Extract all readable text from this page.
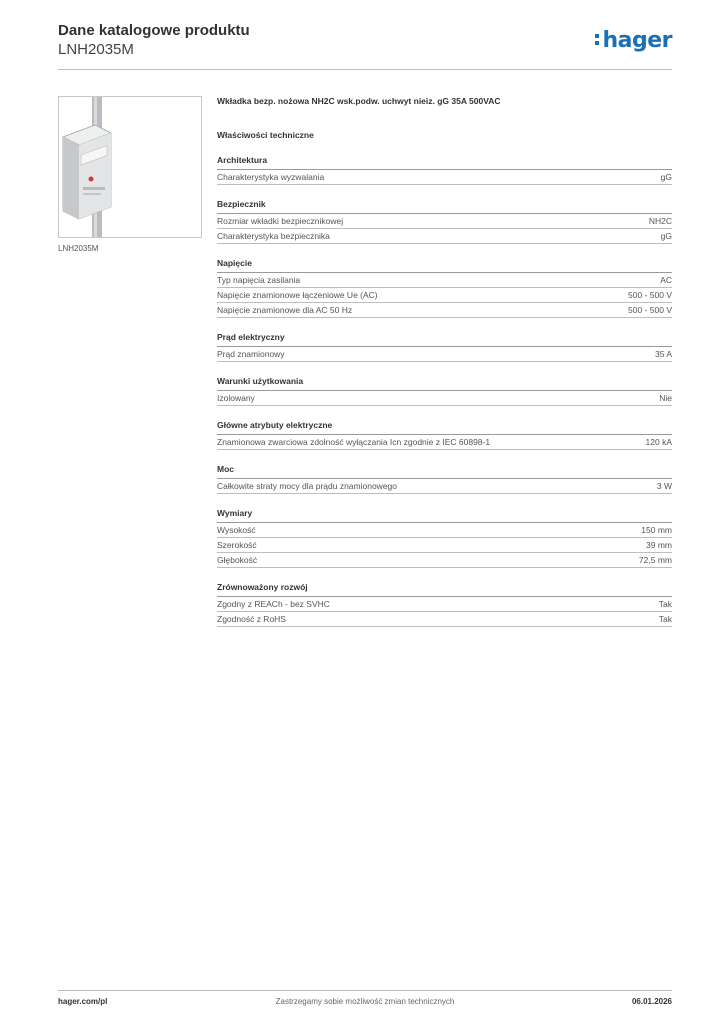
Dane katalogowe produktu
LNH2035M	hager
LNH2035M
Wkładka bezp. nożowa NH2C wsk.podw. uchwyt nieiz. gG 35A 500VAC
Właściwości techniczne
Architektura
Charakterystyka wyzwalania	gG
Bezpiecznik
Rozmiar wkładki bezpiecznikowej	NH2C
Charakterystyka bezpiecznika	gG
Napięcie
Typ napięcia zasilania	AC
Napięcie znamionowe łączeniowe Ue (AC)	500 - 500 V
Napięcie znamionowe dla AC 50 Hz	500 - 500 V
Prąd elektryczny
Prąd znamionowy	35 A
Warunki użytkowania
Izolowany	Nie
Główne atrybuty elektryczne
Znamionowa zwarciowa zdolność wyłączania Icn zgodnie z IEC 60898-1	120 kA
Moc
Całkowite straty mocy dla prądu znamionowego	3 W
Wymiary
Wysokość	150 mm
Szerokość	39 mm
Głębokość	72,5 mm
Zrównoważony rozwój
Zgodny z REACh - bez SVHC	Tak
Zgodność z RoHS	Tak
hager.com/pl	Zastrzegamy sobie możliwość zmian technicznych	06.01.2026
